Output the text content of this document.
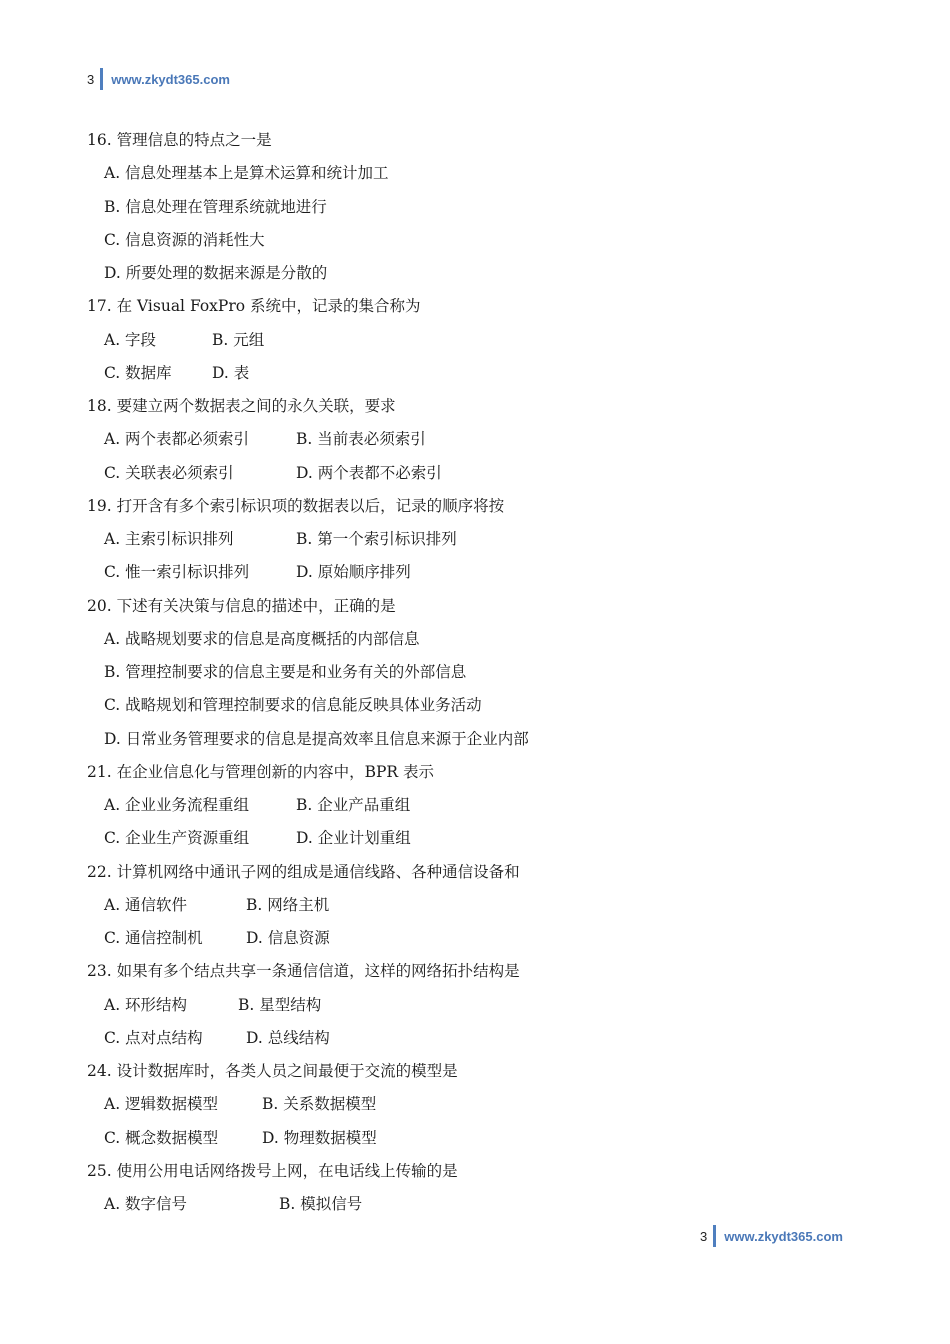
3 www.zkydt365.com
16. 管理信息的特点之一是
A. 信息处理基本上是算术运算和统计加工
B. 信息处理在管理系统就地进行
C. 信息资源的消耗性大
D. 所要处理的数据来源是分散的
17. 在 Visual FoxPro 系统中，记录的集合称为
A. 字段	B. 元组
C. 数据库	D. 表
18. 要建立两个数据表之间的永久关联，要求
A. 两个表都必须索引	B. 当前表必须索引
C. 关联表必须索引	D. 两个表都不必索引
19. 打开含有多个索引标识项的数据表以后，记录的顺序将按
A. 主索引标识排列	B. 第一个索引标识排列
C. 惟一索引标识排列	D. 原始顺序排列
20. 下述有关决策与信息的描述中，正确的是
A. 战略规划要求的信息是高度概括的内部信息
B. 管理控制要求的信息主要是和业务有关的外部信息
C. 战略规划和管理控制要求的信息能反映具体业务活动
D. 日常业务管理要求的信息是提高效率且信息来源于企业内部
21. 在企业信息化与管理创新的内容中，BPR 表示
A. 企业业务流程重组	B. 企业产品重组
C. 企业生产资源重组	D. 企业计划重组
22. 计算机网络中通讯子网的组成是通信线路、各种通信设备和
A. 通信软件	B. 网络主机
C. 通信控制机	D. 信息资源
23. 如果有多个结点共享一条通信信道，这样的网络拓扑结构是
A. 环形结构	B. 星型结构
C. 点对点结构	D. 总线结构
24. 设计数据库时，各类人员之间最便于交流的模型是
A. 逻辑数据模型	B. 关系数据模型
C. 概念数据模型	D. 物理数据模型
25. 使用公用电话网络拨号上网，在电话线上传输的是
A. 数字信号	B. 模拟信号
3 www.zkydt365.com
